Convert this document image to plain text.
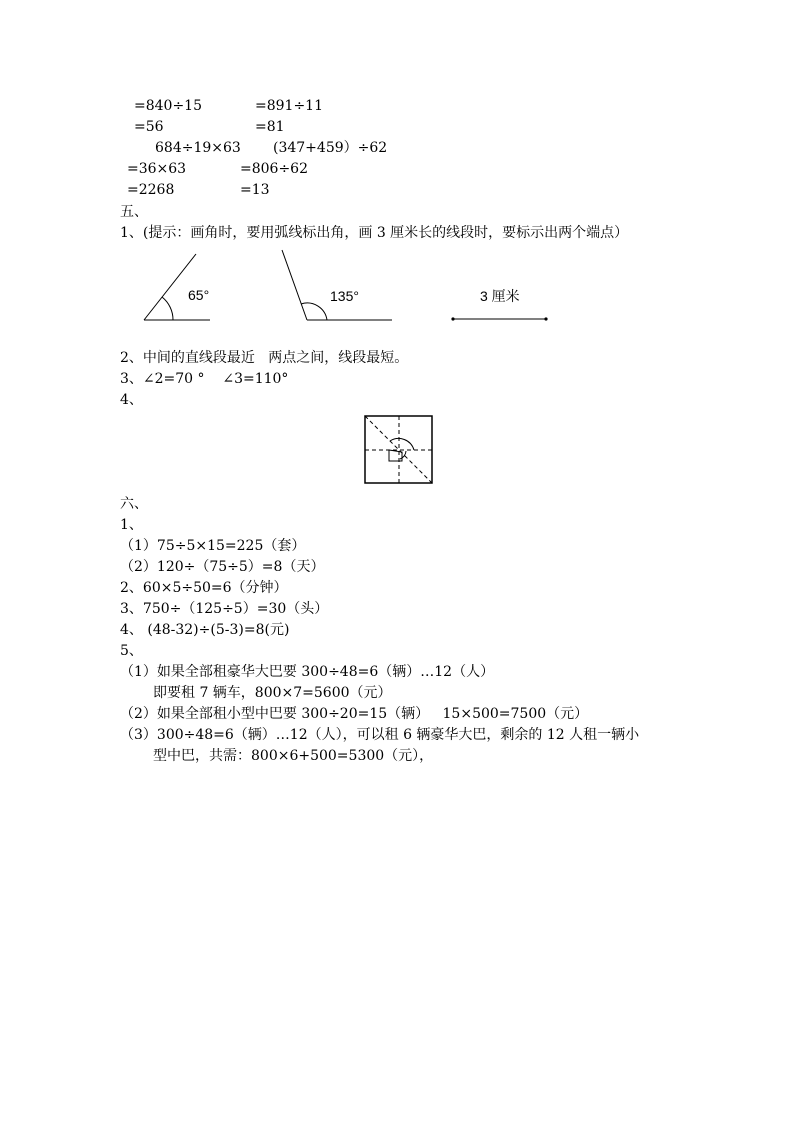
=840÷15	=891÷11
=56	=81
684÷19×63 (347+459）÷62
=36×63	=806÷62
=2268	=13
五、
1、(提示：画角时，要用弧线标出角，画 3 厘米长的线段时，要标示出两个端点）
65°	135°	3 厘米
2、中间的直线段最近   两点之间，线段最短。
3、∠2=70 °    ∠3=110°
4、
六、
1、
（1）75÷5×15=225（套）
（2）120÷（75÷5）=8（天）
2、60×5÷50=6（分钟）
3、750÷（125÷5）=30（头）
4、 (48-32)÷(5-3)=8(元)
5、
（1）如果全部租豪华大巴要 300÷48=6（辆）…12（人）
即要租 7 辆车，800×7=5600（元）
（2）如果全部租小型中巴要 300÷20=15（辆）   15×500=7500（元）
（3）300÷48=6（辆）…12（人），可以租 6 辆豪华大巴，剩余的 12 人租一辆小
型中巴，共需：800×6+500=5300（元），
